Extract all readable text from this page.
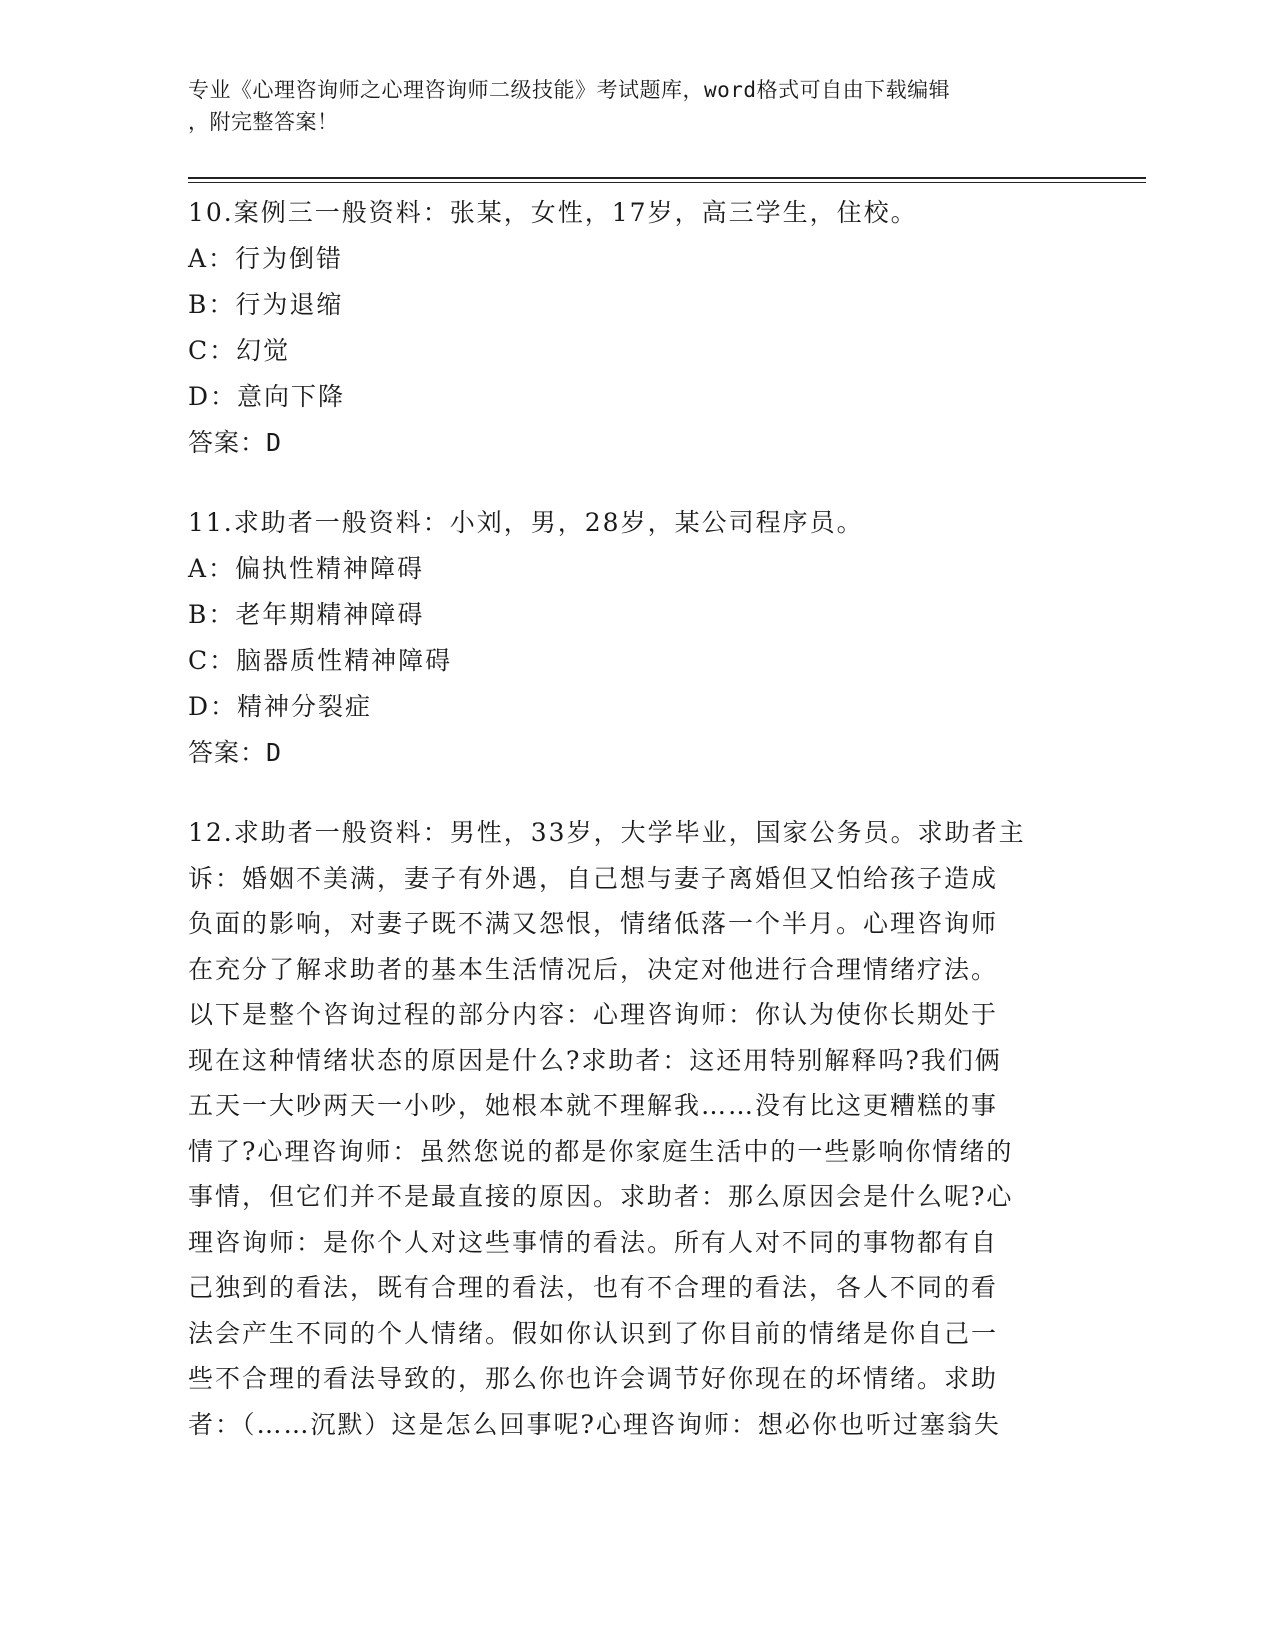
专业《心理咨询师之心理咨询师二级技能》考试题库，word格式可自由下载编辑
，附完整答案！
10.案例三一般资料：张某，女性，17岁，高三学生，住校。
A：行为倒错
B：行为退缩
C：幻觉
D：意向下降
答案：D
11.求助者一般资料：小刘，男，28岁，某公司程序员。
A：偏执性精神障碍
B：老年期精神障碍
C：脑器质性精神障碍
D：精神分裂症
答案：D
12.求助者一般资料：男性，33岁，大学毕业，国家公务员。求助者主
诉：婚姻不美满，妻子有外遇，自己想与妻子离婚但又怕给孩子造成
负面的影响，对妻子既不满又怨恨，情绪低落一个半月。心理咨询师
在充分了解求助者的基本生活情况后，决定对他进行合理情绪疗法。
以下是整个咨询过程的部分内容：心理咨询师：你认为使你长期处于
现在这种情绪状态的原因是什么?求助者：这还用特别解释吗?我们俩
五天一大吵两天一小吵，她根本就不理解我……没有比这更糟糕的事
情了?心理咨询师：虽然您说的都是你家庭生活中的一些影响你情绪的
事情，但它们并不是最直接的原因。求助者：那么原因会是什么呢?心
理咨询师：是你个人对这些事情的看法。所有人对不同的事物都有自
己独到的看法，既有合理的看法，也有不合理的看法，各人不同的看
法会产生不同的个人情绪。假如你认识到了你目前的情绪是你自己一
些不合理的看法导致的，那么你也许会调节好你现在的坏情绪。求助
者：（……沉默）这是怎么回事呢?心理咨询师：想必你也听过塞翁失
